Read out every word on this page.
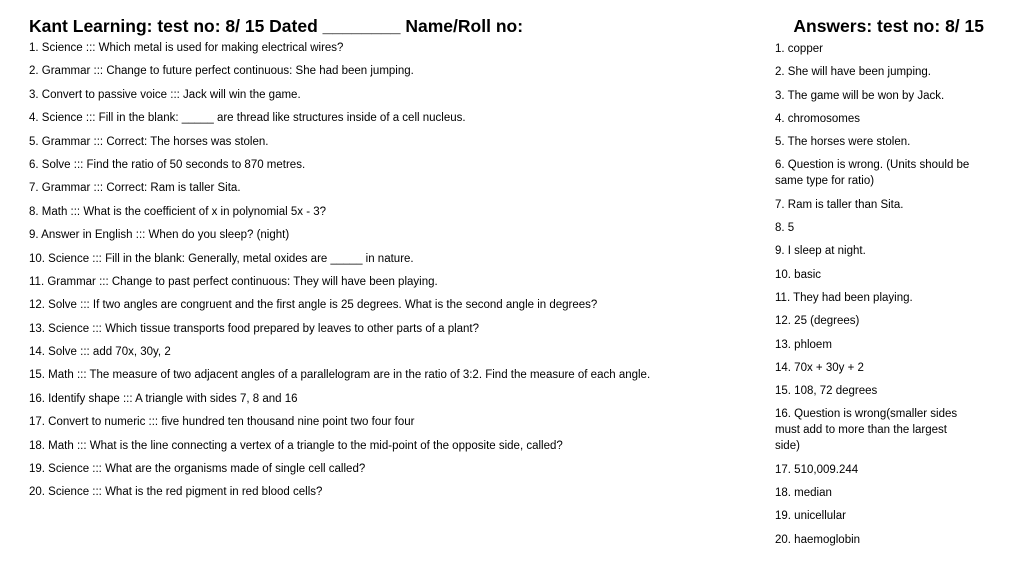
Kant Learning: test no: 8/ 15 Dated ________ Name/Roll no:	Answers: test no: 8/ 15
1. Science ::: Which metal is used for making electrical wires?
2. Grammar ::: Change to future perfect continuous: She had been jumping.
3. Convert to passive voice ::: Jack will win the game.
4. Science ::: Fill in the blank: _____ are thread like structures inside of a cell nucleus.
5. Grammar ::: Correct: The horses was stolen.
6. Solve ::: Find the ratio of 50 seconds to 870 metres.
7. Grammar ::: Correct: Ram is taller Sita.
8. Math ::: What is the coefficient of x in polynomial 5x - 3?
9. Answer in English ::: When do you sleep? (night)
10. Science ::: Fill in the blank: Generally, metal oxides are _____ in nature.
11. Grammar ::: Change to past perfect continuous: They will have been playing.
12. Solve ::: If two angles are congruent and the first angle is 25 degrees. What is the second angle in degrees?
13. Science ::: Which tissue transports food prepared by leaves to other parts of a plant?
14. Solve ::: add 70x, 30y, 2
15. Math ::: The measure of two adjacent angles of a parallelogram are in the ratio of 3:2. Find the measure of each angle.
16. Identify shape ::: A triangle with sides 7, 8 and 16
17. Convert to numeric ::: five hundred ten thousand nine point two four four
18. Math ::: What is the line connecting a vertex of a triangle to the mid-point of the opposite side, called?
19. Science ::: What are the organisms made of single cell called?
20. Science ::: What is the red pigment in red blood cells?
1. copper
2. She will have been jumping.
3. The game will be won by Jack.
4. chromosomes
5. The horses were stolen.
6. Question is wrong. (Units should be same type for ratio)
7. Ram is taller than Sita.
8. 5
9. I sleep at night.
10. basic
11. They had been playing.
12. 25 (degrees)
13. phloem
14. 70x + 30y + 2
15. 108, 72 degrees
16. Question is wrong(smaller sides must add to more than the largest side)
17. 510,009.244
18. median
19. unicellular
20. haemoglobin
